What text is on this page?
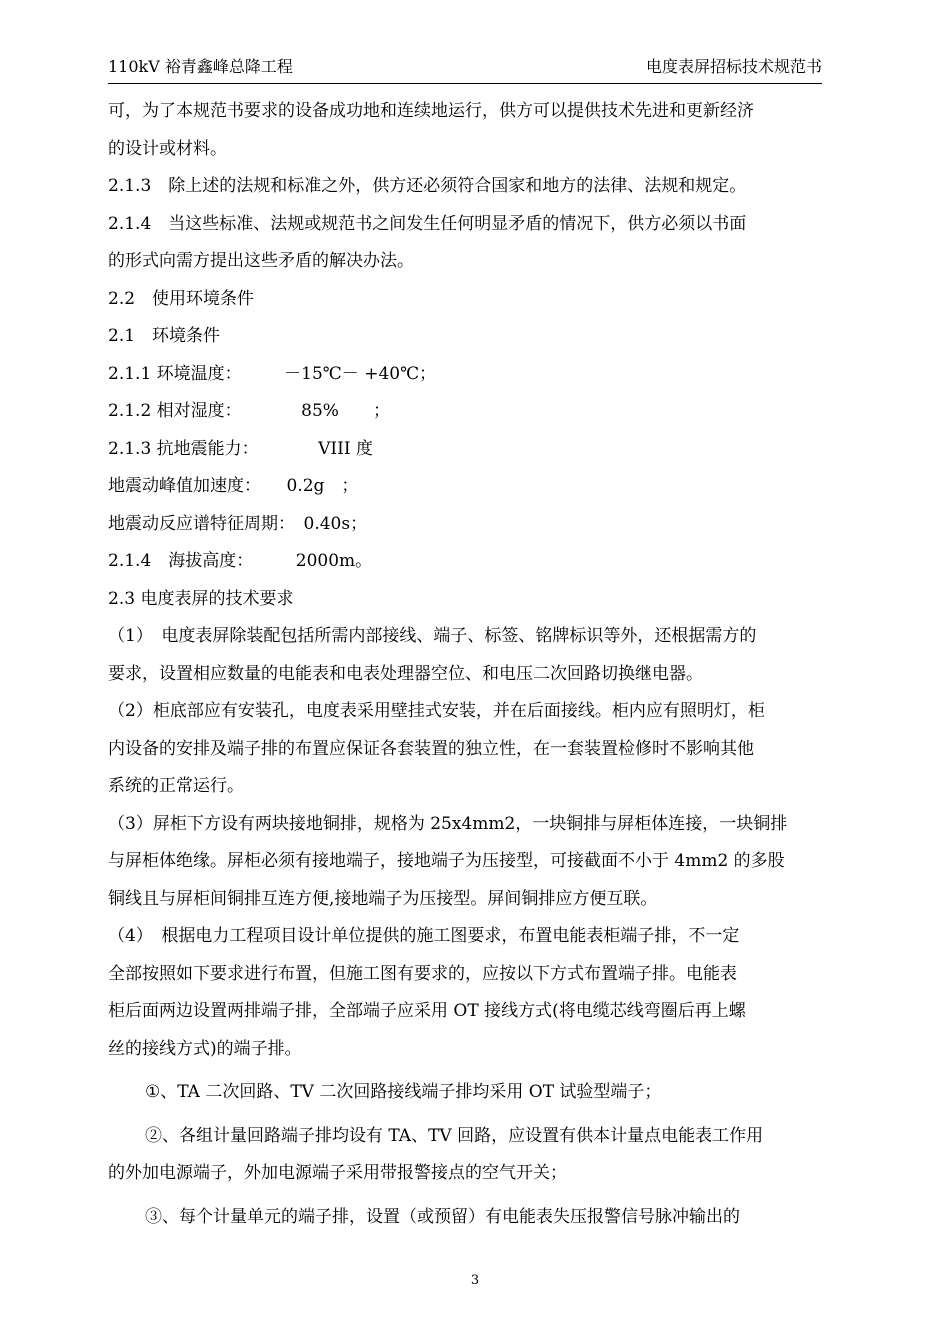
110kV 裕青鑫峰总降工程	电度表屏招标技术规范书

可，为了本规范书要求的设备成功地和连续地运行，供方可以提供技术先进和更新经济

的设计或材料。

2.1.3　除上述的法规和标准之外，供方还必须符合国家和地方的法律、法规和规定。

2.1.4　当这些标准、法规或规范书之间发生任何明显矛盾的情况下，供方必须以书面

的形式向需方提出这些矛盾的解决办法。

2.2　使用环境条件

2.1　环境条件

2.1.1 环境温度：　　　－15℃－ +40℃；

2.1.2 相对湿度：　　　　85%　　；

2.1.3 抗地震能力：　　　　VIII 度

地震动峰值加速度：　　0.2g　；

地震动反应谱特征周期：　0.40s；

2.1.4　海拔高度：　　　2000m。

2.3 电度表屏的技术要求

（1）　电度表屏除装配包括所需内部接线、端子、标签、铭牌标识等外，还根据需方的

要求，设置相应数量的电能表和电表处理器空位、和电压二次回路切换继电器。

（2）柜底部应有安装孔，电度表采用壁挂式安装，并在后面接线。柜内应有照明灯，柜

内设备的安排及端子排的布置应保证各套装置的独立性，在一套装置检修时不影响其他

系统的正常运行。

（3）屏柜下方设有两块接地铜排，规格为 25x4mm2，一块铜排与屏柜体连接，一块铜排

与屏柜体绝缘。屏柜必须有接地端子，接地端子为压接型，可接截面不小于 4mm2 的多股

铜线且与屏柜间铜排互连方便,接地端子为压接型。屏间铜排应方便互联。

（4）　根据电力工程项目设计单位提供的施工图要求，布置电能表柜端子排，不一定

全部按照如下要求进行布置，但施工图有要求的，应按以下方式布置端子排。电能表

柜后面两边设置两排端子排，全部端子应采用 OT 接线方式(将电缆芯线弯圈后再上螺

丝的接线方式)的端子排。

①、TA 二次回路、TV 二次回路接线端子排均采用 OT 试验型端子；

②、各组计量回路端子排均设有 TA、TV 回路，应设置有供本计量点电能表工作用

的外加电源端子，外加电源端子采用带报警接点的空气开关；

③、每个计量单元的端子排，设置（或预留）有电能表失压报警信号脉冲输出的

3
